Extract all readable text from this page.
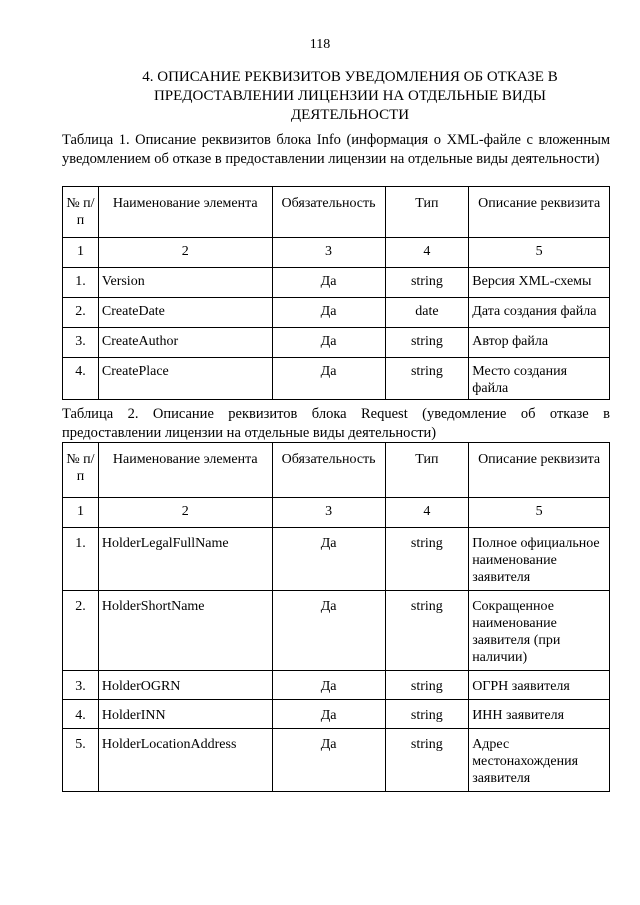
118
4. ОПИСАНИЕ РЕКВИЗИТОВ УВЕДОМЛЕНИЯ ОБ ОТКАЗЕ В ПРЕДОСТАВЛЕНИИ ЛИЦЕНЗИИ НА ОТДЕЛЬНЫЕ ВИДЫ ДЕЯТЕЛЬНОСТИ
Таблица 1. Описание реквизитов блока Info (информация о XML-файле с вложенным уведомлением об отказе в предоставлении лицензии на отдельные виды деятельности)
№ п/п	Наименование элемента	Обязательность	Тип	Описание реквизита
1	2	3	4	5
1.	Version	Да	string	Версия XML-схемы
2.	CreateDate	Да	date	Дата создания файла
3.	CreateAuthor	Да	string	Автор файла
4.	CreatePlace	Да	string	Место создания файла
Таблица 2. Описание реквизитов блока Request (уведомление об отказе в предоставлении лицензии на отдельные виды деятельности)
№ п/п	Наименование элемента	Обязательность	Тип	Описание реквизита
1	2	3	4	5
1.	HolderLegalFullName	Да	string	Полное официальное наименование заявителя
2.	HolderShortName	Да	string	Сокращенное наименование заявителя (при наличии)
3.	HolderOGRN	Да	string	ОГРН заявителя
4.	HolderINN	Да	string	ИНН заявителя
5.	HolderLocationAddress	Да	string	Адрес местонахождения заявителя
